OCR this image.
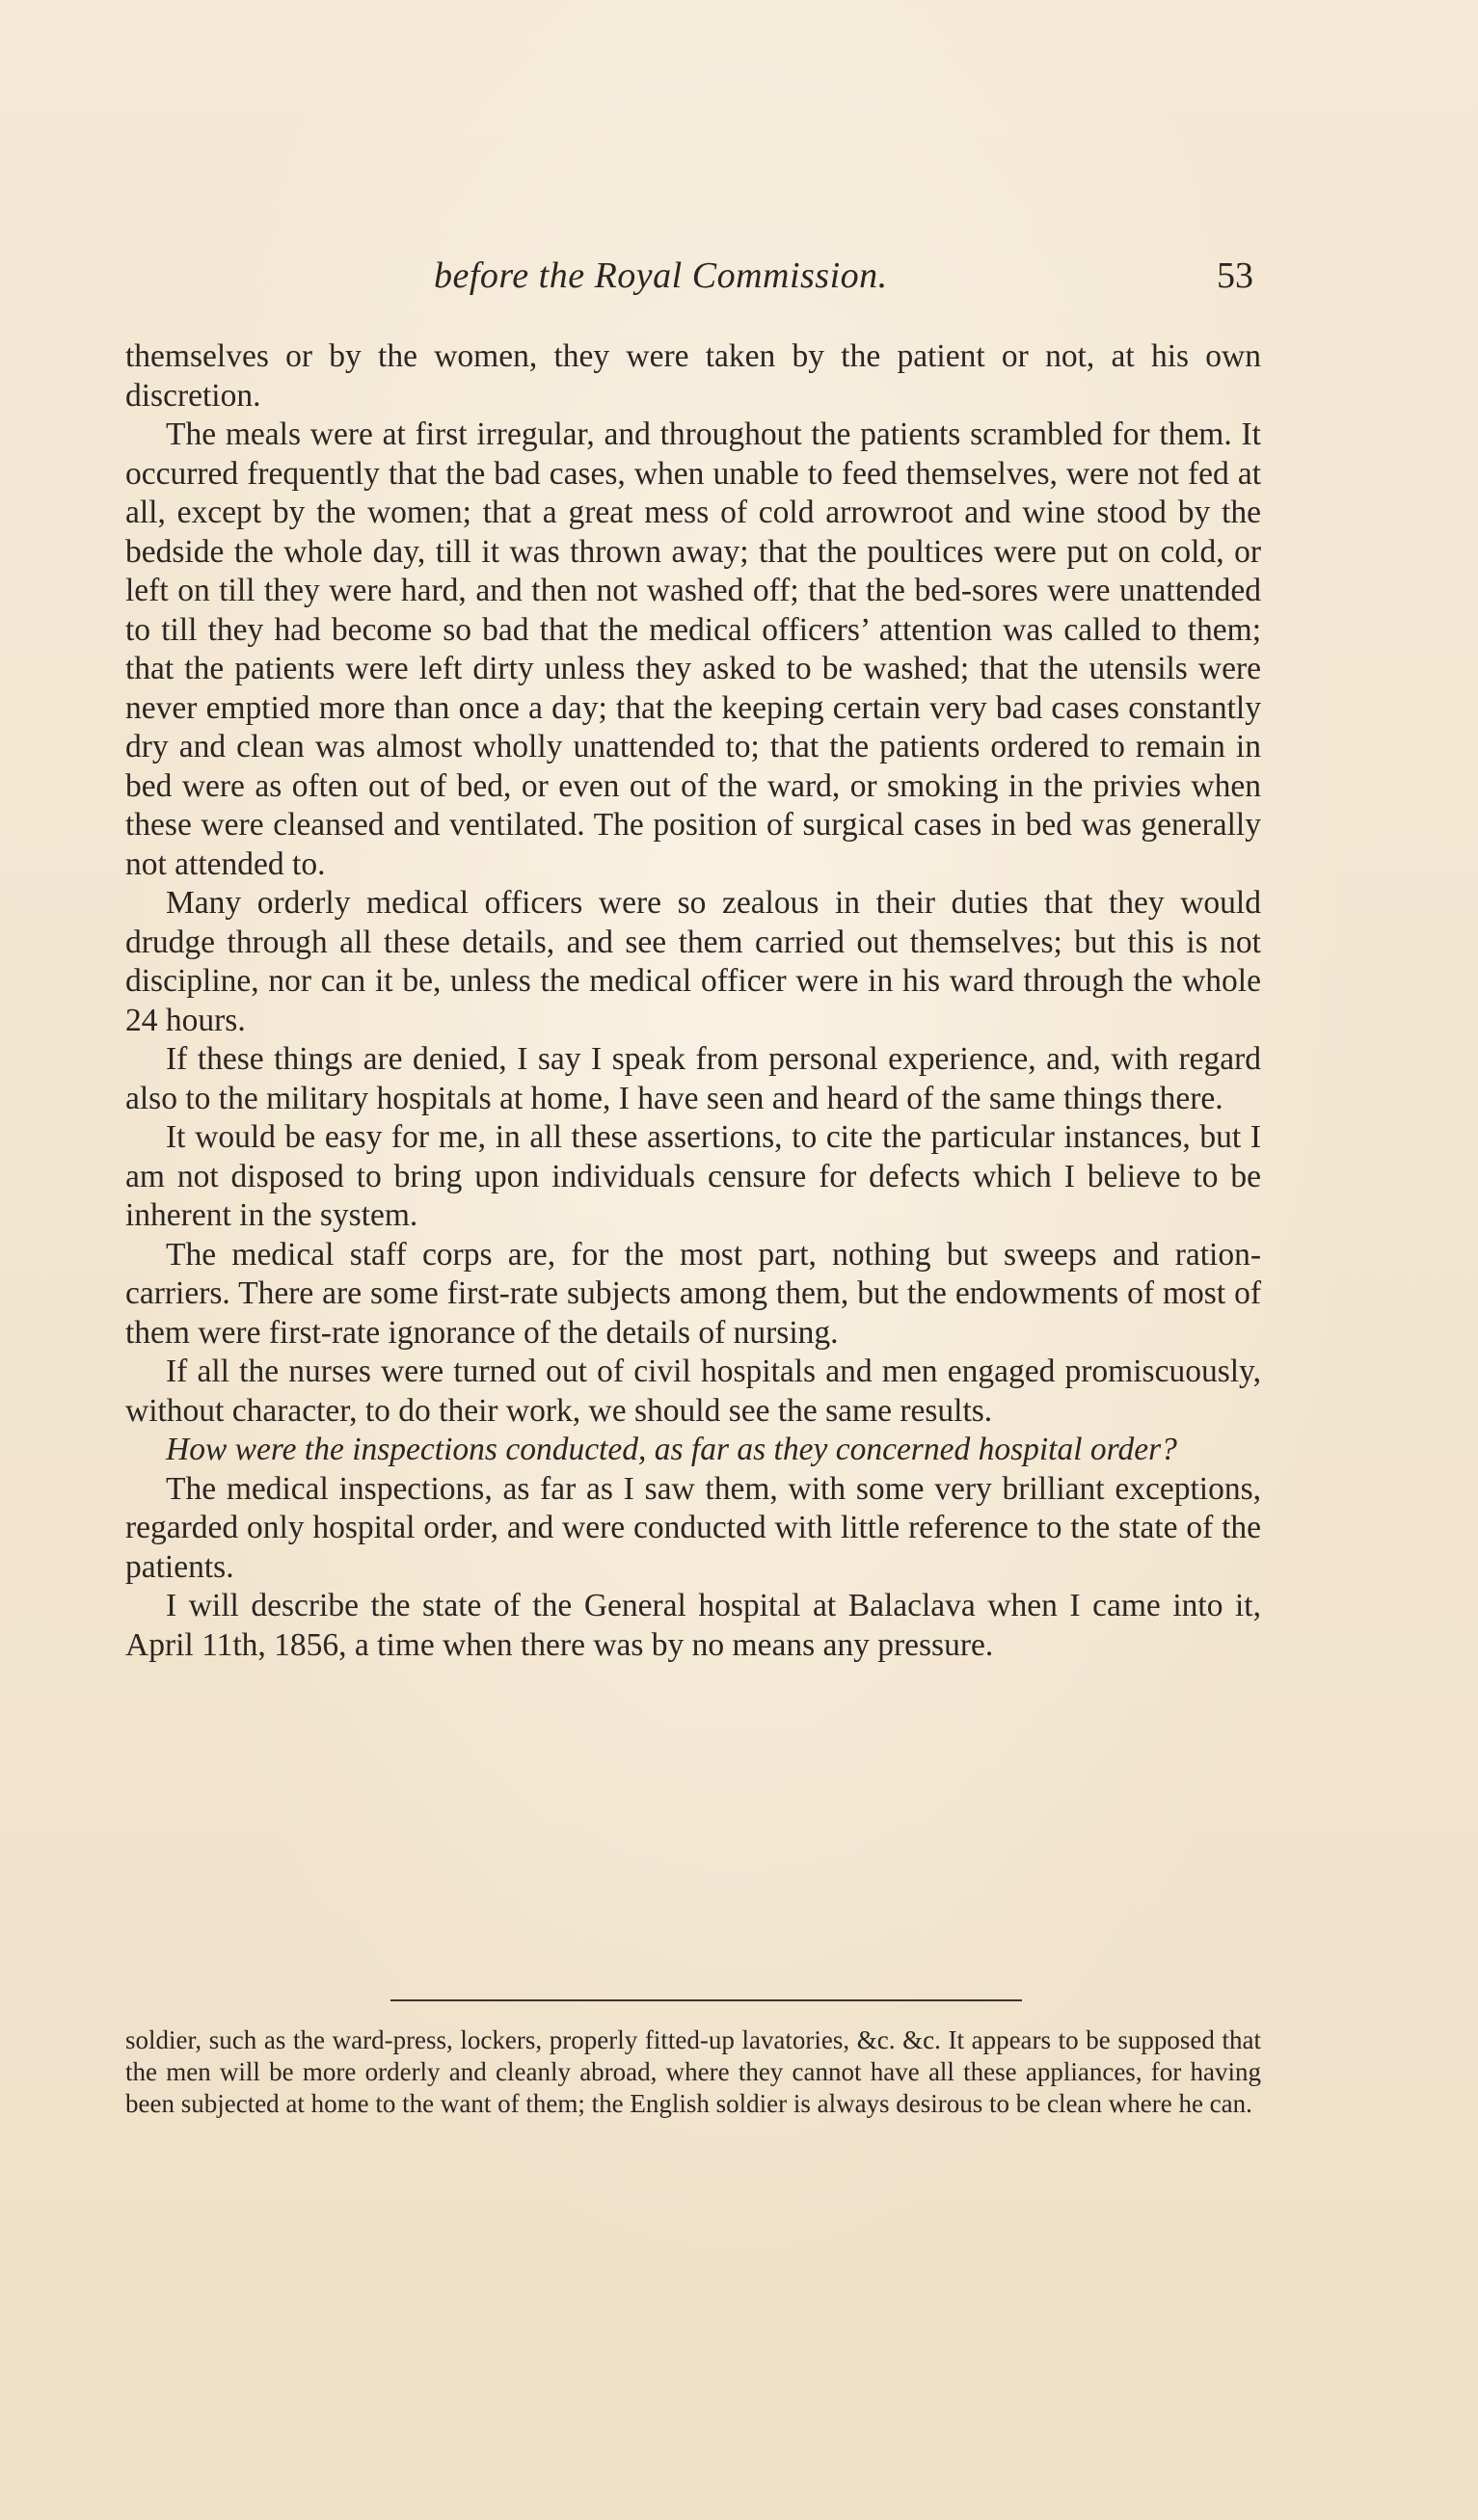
before the Royal Commission.	53

themselves or by the women, they were taken by the patient or not, at his own discretion.

The meals were at first irregular, and throughout the patients scrambled for them. It occurred frequently that the bad cases, when unable to feed themselves, were not fed at all, except by the women; that a great mess of cold arrowroot and wine stood by the bedside the whole day, till it was thrown away; that the poultices were put on cold, or left on till they were hard, and then not washed off; that the bed-sores were unattended to till they had become so bad that the medical officers’ attention was called to them; that the patients were left dirty unless they asked to be washed; that the utensils were never emptied more than once a day; that the keeping certain very bad cases constantly dry and clean was almost wholly unattended to; that the patients ordered to remain in bed were as often out of bed, or even out of the ward, or smoking in the privies when these were cleansed and ventilated. The position of surgical cases in bed was generally not attended to.

Many orderly medical officers were so zealous in their duties that they would drudge through all these details, and see them carried out themselves; but this is not discipline, nor can it be, unless the medical officer were in his ward through the whole 24 hours.

If these things are denied, I say I speak from personal experience, and, with regard also to the military hospitals at home, I have seen and heard of the same things there.

It would be easy for me, in all these assertions, to cite the particular instances, but I am not disposed to bring upon individuals censure for defects which I believe to be inherent in the system.

The medical staff corps are, for the most part, nothing but sweeps and ration-carriers. There are some first-rate subjects among them, but the endowments of most of them were first-rate ignorance of the details of nursing.

If all the nurses were turned out of civil hospitals and men engaged promiscuously, without character, to do their work, we should see the same results.

How were the inspections conducted, as far as they concerned hospital order?

The medical inspections, as far as I saw them, with some very brilliant exceptions, regarded only hospital order, and were conducted with little reference to the state of the patients.

I will describe the state of the General hospital at Balaclava when I came into it, April 11th, 1856, a time when there was by no means any pressure.

soldier, such as the ward-press, lockers, properly fitted-up lavatories, &c. &c. It appears to be supposed that the men will be more orderly and cleanly abroad, where they cannot have all these appliances, for having been subjected at home to the want of them; the English soldier is always desirous to be clean where he can.
